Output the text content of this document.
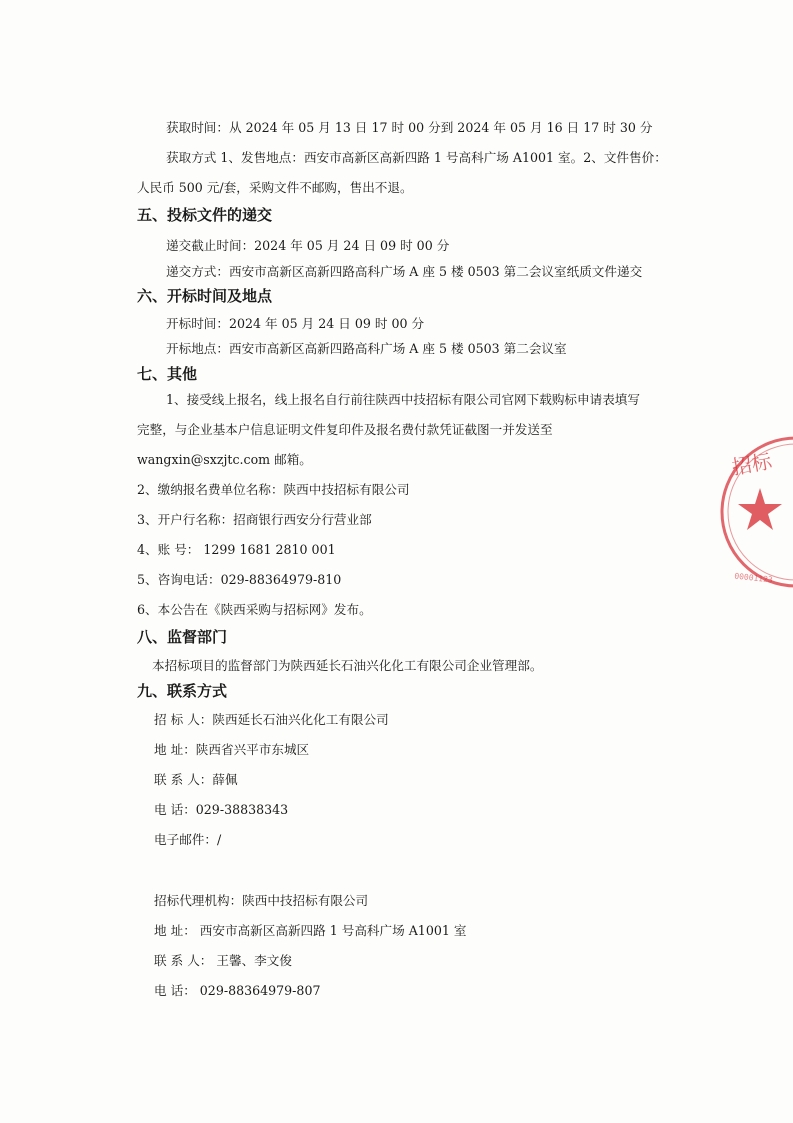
获取时间：从 2024 年 05 月 13 日 17 时 00 分到 2024 年 05 月 16 日 17 时 30 分
获取方式 1、发售地点：西安市高新区高新四路 1 号高科广场 A1001 室。2、文件售价：
人民币 500 元/套，采购文件不邮购，售出不退。
五、投标文件的递交
递交截止时间：2024 年 05 月 24 日 09 时 00 分
递交方式：西安市高新区高新四路高科广场 A 座 5 楼 0503 第二会议室纸质文件递交
六、开标时间及地点
开标时间：2024 年 05 月 24 日 09 时 00 分
开标地点：西安市高新区高新四路高科广场 A 座 5 楼 0503 第二会议室
七、其他
1、接受线上报名，线上报名自行前往陕西中技招标有限公司官网下载购标申请表填写
完整，与企业基本户信息证明文件复印件及报名费付款凭证截图一并发送至
wangxin@sxzjtc.com 邮箱。
2、缴纳报名费单位名称：陕西中技招标有限公司
3、开户行名称：招商银行西安分行营业部
4、账 号： 1299 1681 2810 001
5、咨询电话：029-88364979-810
6、本公告在《陕西采购与招标网》发布。
八、监督部门
本招标项目的监督部门为陕西延长石油兴化化工有限公司企业管理部。
九、联系方式
招 标 人：陕西延长石油兴化化工有限公司
地 址：陕西省兴平市东城区
联 系 人：薛佩
电 话：029-38838343
电子邮件：/
招标代理机构：陕西中技招标有限公司
地 址： 西安市高新区高新四路 1 号高科广场 A1001 室
联 系 人： 王馨、李文俊
电 话： 029-88364979-807
招标
00001123
